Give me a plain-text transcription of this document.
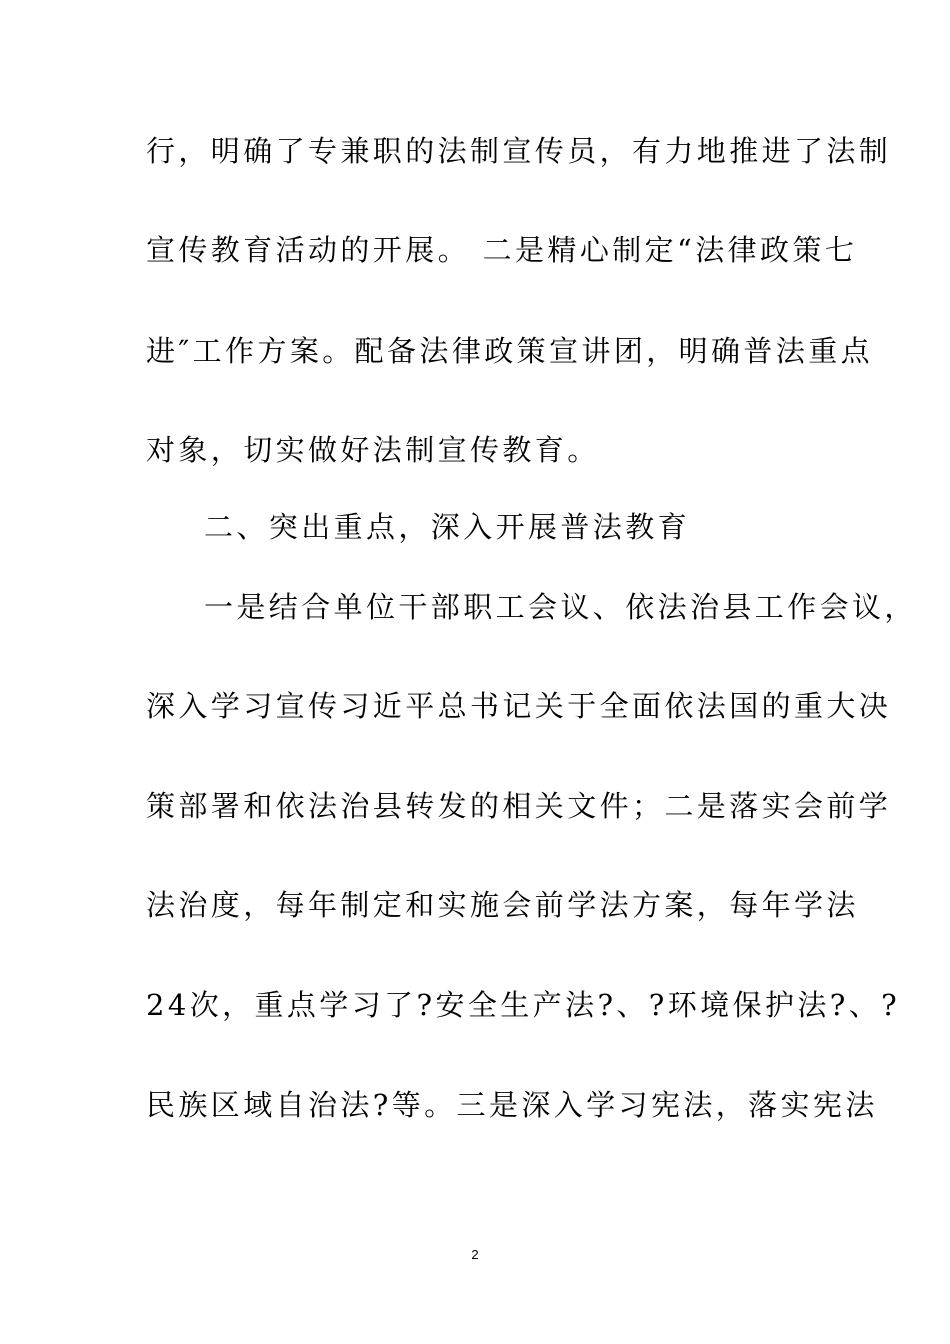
行，明确了专兼职的法制宣传员，有力地推进了法制
宣传教育活动的开展。 二是精心制定“法律政策七
进″工作方案。配备法律政策宣讲团，明确普法重点
对象，切实做好法制宣传教育。
二、突出重点，深入开展普法教育
一是结合单位干部职工会议、依法治县工作会议，
深入学习宣传习近平总书记关于全面依法国的重大决
策部署和依法治县转发的相关文件；二是落实会前学
法治度，每年制定和实施会前学法方案，每年学法
24次，重点学习了?安全生产法?、?环境保护法?、?
民族区域自治法?等。三是深入学习宪法，落实宪法
2
